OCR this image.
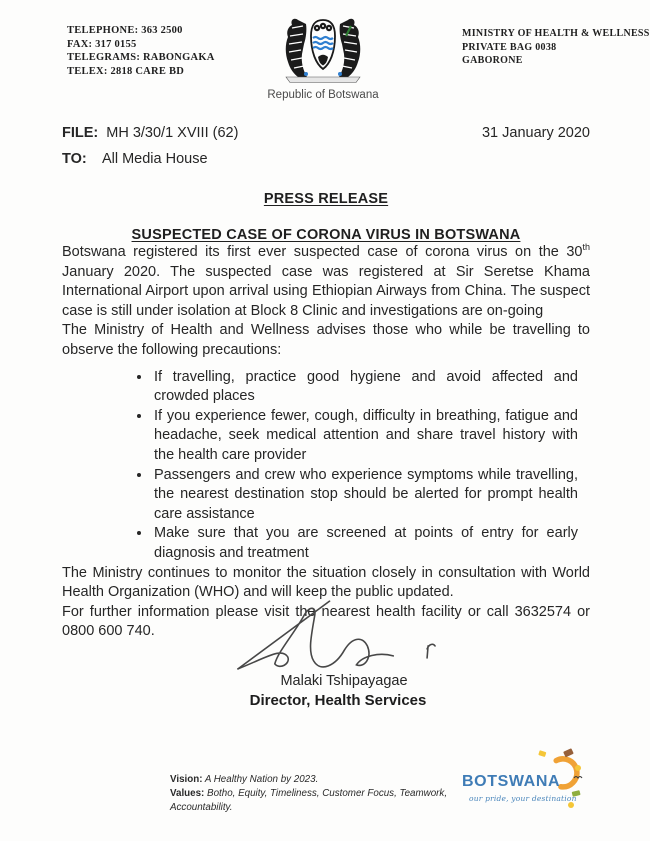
TELEPHONE: 363 2500
FAX: 317 0155
TELEGRAMS: RABONGAKA
TELEX: 2818 CARE BD
Republic of Botswana
MINISTRY OF HEALTH & WELLNESS
PRIVATE BAG 0038
GABORONE
FILE: MH 3/30/1 XVIII (62)	31 January 2020
TO: All Media House
PRESS RELEASE
SUSPECTED CASE OF CORONA VIRUS IN BOTSWANA

Botswana registered its first ever suspected case of corona virus on the 30th January 2020. The suspected case was registered at Sir Seretse Khama International Airport upon arrival using Ethiopian Airways from China. The suspect case is still under isolation at Block 8 Clinic and investigations are on-going

The Ministry of Health and Wellness advises those who while be travelling to observe the following precautions:

• If travelling, practice good hygiene and avoid affected and crowded places
• If you experience fewer, cough, difficulty in breathing, fatigue and headache, seek medical attention and share travel history with the health care provider
• Passengers and crew who experience symptoms while travelling, the nearest destination stop should be alerted for prompt health care assistance
• Make sure that you are screened at points of entry for early diagnosis and treatment

The Ministry continues to monitor the situation closely in consultation with World Health Organization (WHO) and will keep the public updated.

For further information please visit the nearest health facility or call 3632574 or 0800 600 740.

Malaki Tshipayagae
Director, Health Services
Vision: A Healthy Nation by 2023.
Values: Botho, Equity, Timeliness, Customer Focus, Teamwork, Accountability.
BOTSWANA
our pride, your destination
